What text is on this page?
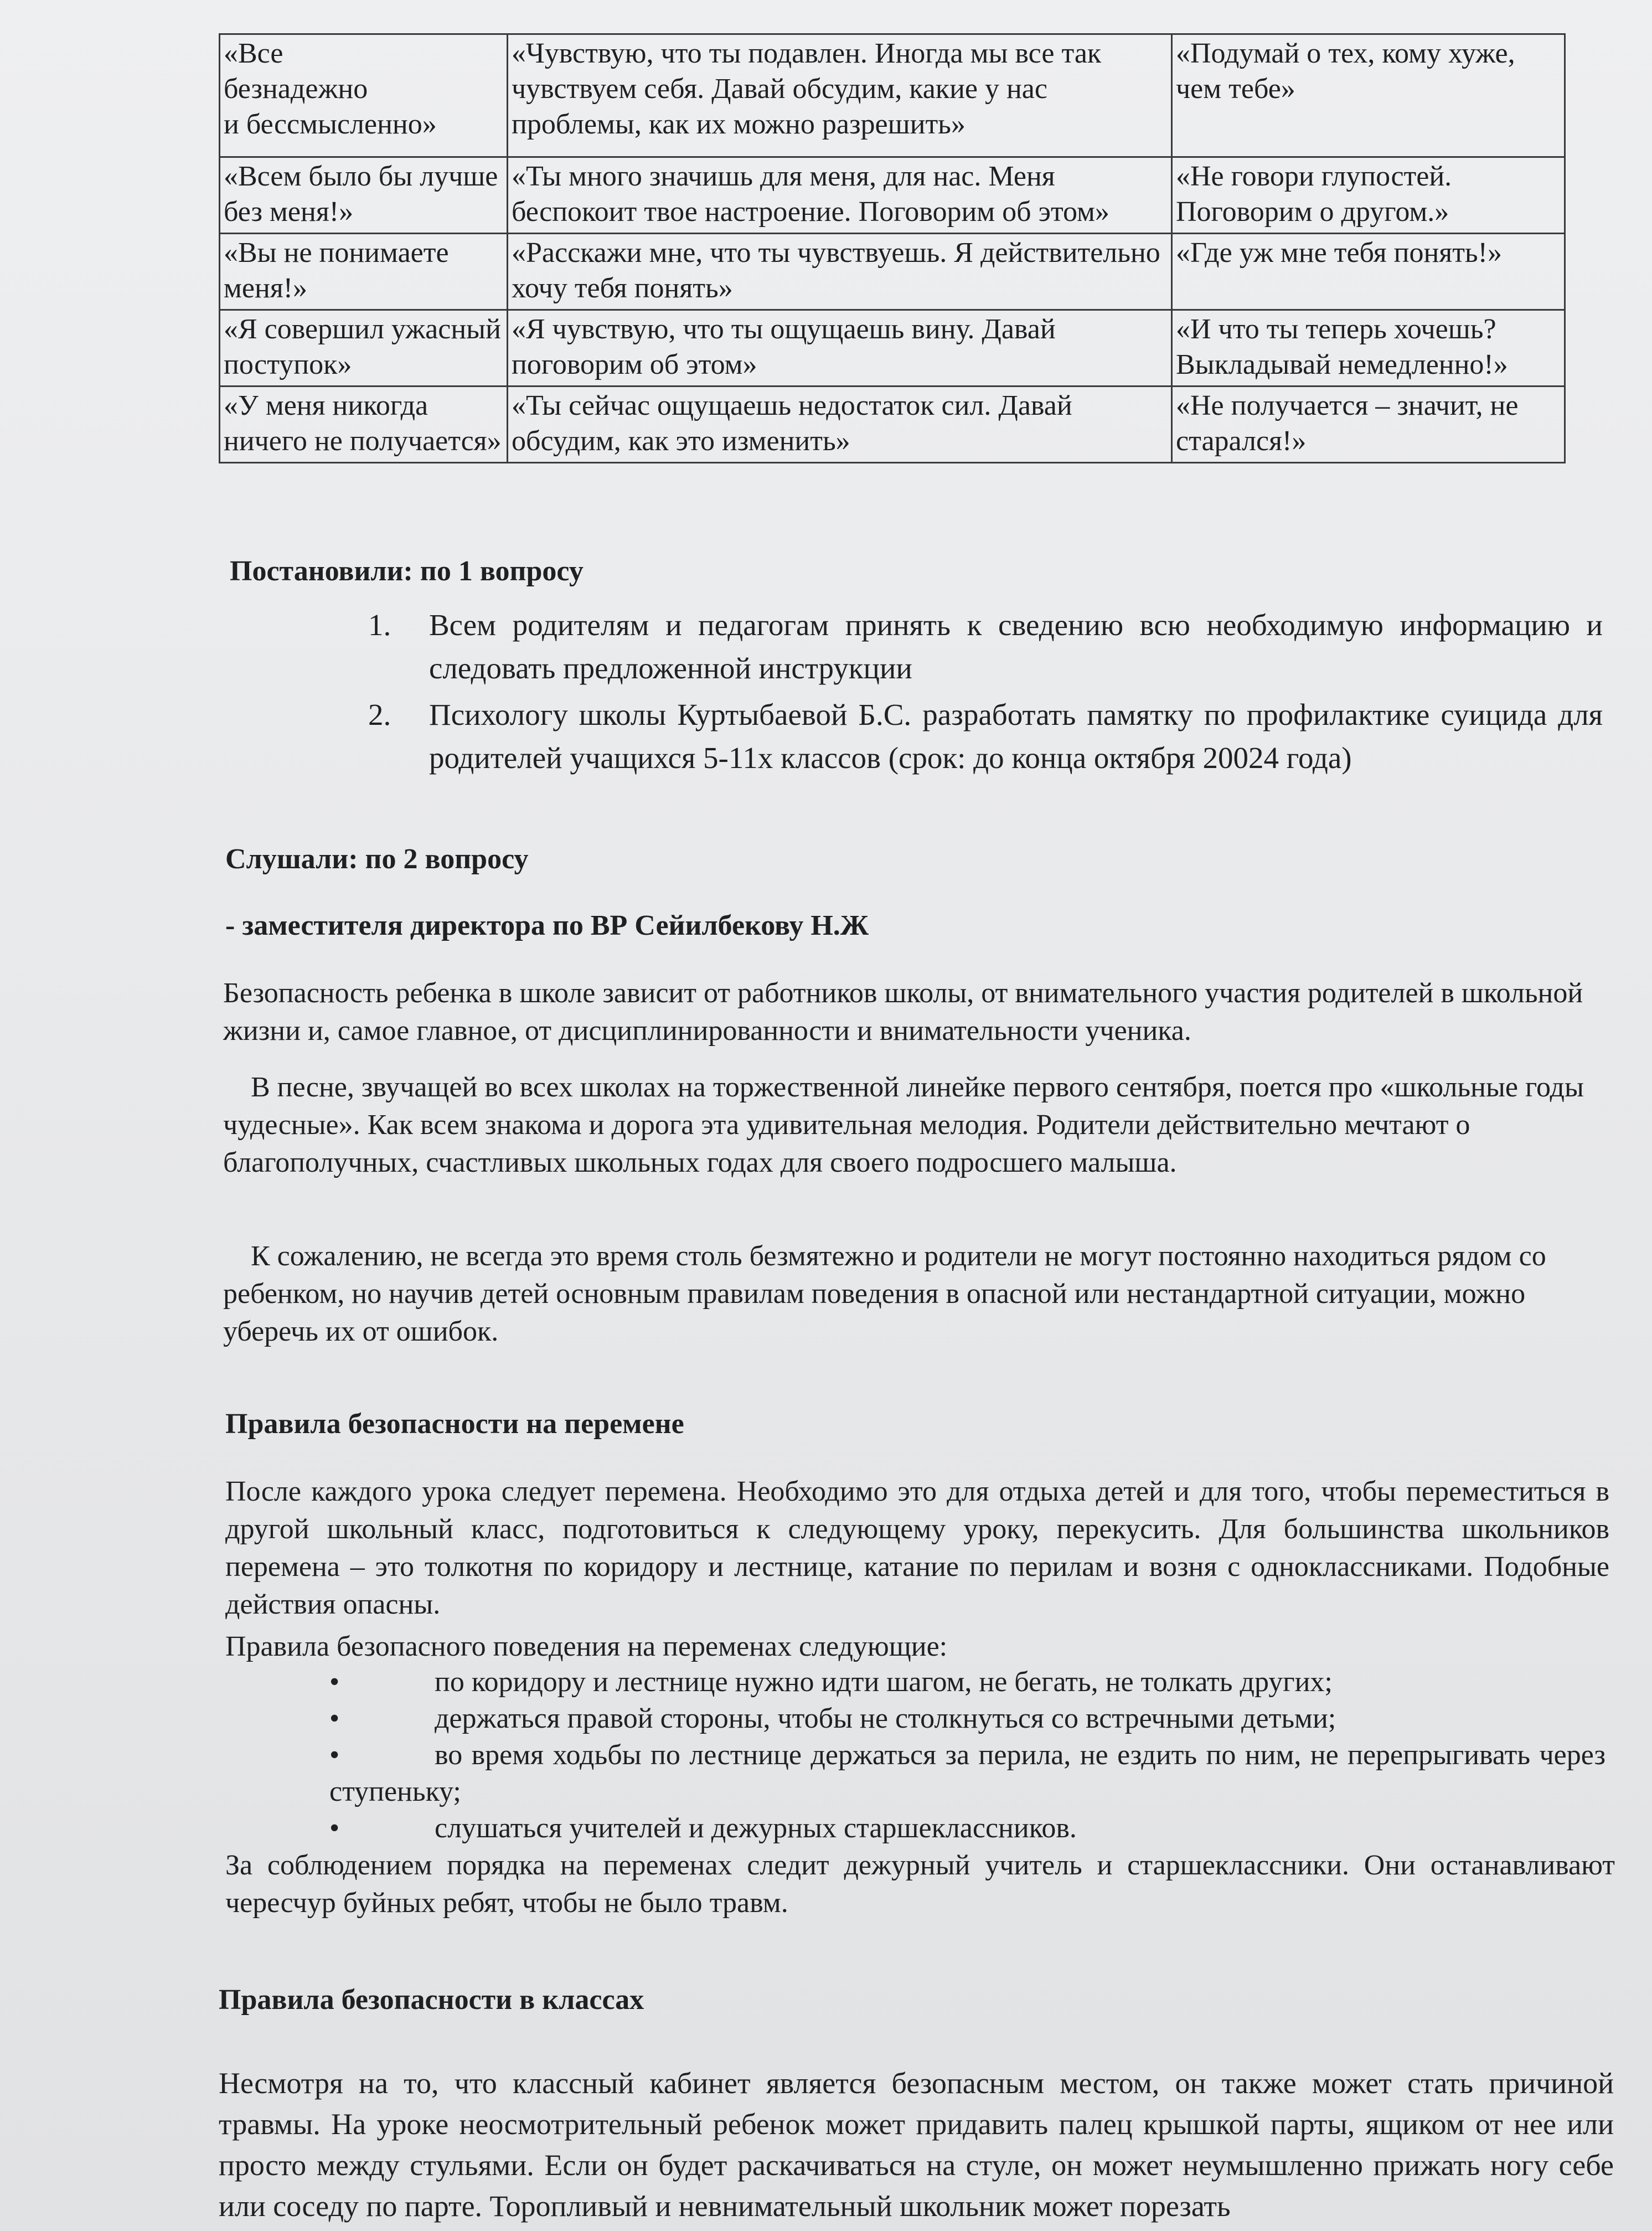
«Все
безнадежно
и бессмысленно»	«Чувствую, что ты подавлен. Иногда мы все так чувствуем себя. Давай обсудим, какие у нас проблемы, как их можно разрешить»	«Подумай о тех, кому хуже, чем тебе»

«Всем было бы лучше без меня!»	«Ты много значишь для меня, для нас. Меня беспокоит твое настроение. Поговорим об этом»	«Не говори глупостей. Поговорим о другом.»

«Вы не понимаете меня!»	«Расскажи мне, что ты чувствуешь. Я действительно хочу тебя понять»	«Где уж мне тебя понять!»

«Я совершил ужасный поступок»	«Я чувствую, что ты ощущаешь вину. Давай поговорим об этом»	«И что ты теперь хочешь? Выкладывай немедленно!»

«У меня никогда ничего не получается»	«Ты сейчас ощущаешь недостаток сил. Давай обсудим, как это изменить»	«Не получается – значит, не старался!»
Постановили: по 1 вопросу
1. Всем родителям и педагогам принять к сведению всю необходимую информацию и следовать предложенной инструкции
2. Психологу школы Куртыбаевой Б.С. разработать памятку по профилактике суицида для родителей учащихся 5-11х классов (срок: до конца октября 20024 года)
Слушали: по 2 вопросу
- заместителя директора по ВР Сейилбекову Н.Ж
Безопасность ребенка в школе зависит от работников школы, от внимательного участия родителей в школьной жизни и, самое главное, от дисциплинированности и внимательности ученика.
В песне, звучащей во всех школах на торжественной линейке первого сентября, поется про «школьные годы чудесные». Как всем знакома и дорога эта удивительная мелодия. Родители действительно мечтают о благополучных, счастливых школьных годах для своего подросшего малыша.
К сожалению, не всегда это время столь безмятежно и родители не могут постоянно находиться рядом со ребенком, но научив детей основным правилам поведения в опасной или нестандартной ситуации, можно уберечь их от ошибок.
Правила безопасности на перемене
После каждого урока следует перемена. Необходимо это для отдыха детей и для того, чтобы переместиться в другой школьный класс, подготовиться к следующему уроку, перекусить. Для большинства школьников перемена – это толкотня по коридору и лестнице, катание по перилам и возня с одноклассниками. Подобные действия опасны.
Правила безопасного поведения на переменах следующие:
•	по коридору и лестнице нужно идти шагом, не бегать, не толкать других;
•	держаться правой стороны, чтобы не столкнуться со встречными детьми;
•	во время ходьбы по лестнице держаться за перила, не ездить по ним, не перепрыгивать через ступеньку;
•	слушаться учителей и дежурных старшеклассников.
За соблюдением порядка на переменах следит дежурный учитель и старшеклассники. Они останавливают чересчур буйных ребят, чтобы не было травм.
Правила безопасности в классах
Несмотря на то, что классный кабинет является безопасным местом, он также может стать причиной травмы. На уроке неосмотрительный ребенок может придавить палец крышкой парты, ящиком от нее или просто между стульями. Если он будет раскачиваться на стуле, он может неумышленно прижать ногу себе или соседу по парте. Торопливый и невнимательный школьник может порезать
